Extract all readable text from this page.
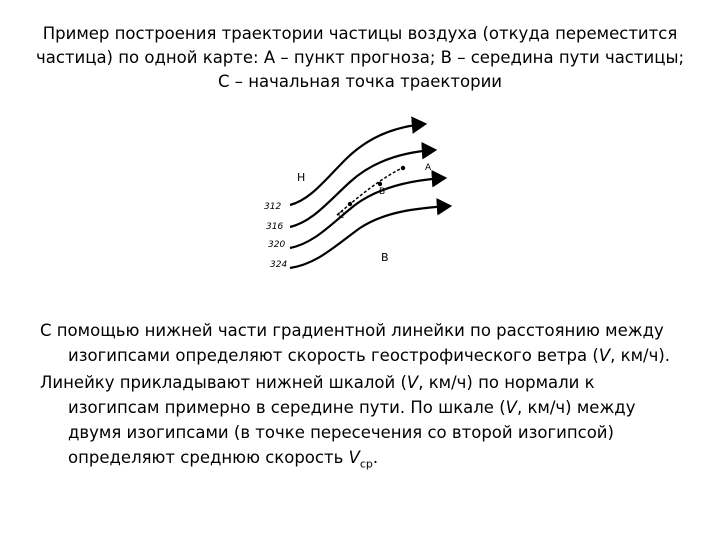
Пример построения траектории частицы воздуха (откуда переместится
частица) по одной карте: А – пункт прогноза; В – середина пути частицы;
С – начальная точка траектории
A
B
C
Н
В
312
316
320
324

С помощью нижней части градиентной линейки по расстоянию между
изогипсами определяют скорость геострофического ветра (V, км/ч).

Линейку прикладывают нижней шкалой (V, км/ч) по нормали к
изогипсам примерно в середине пути. По шкале (V, км/ч) между
двумя изогипсами (в точке пересечения со второй изогипсой)
определяют среднюю скорость $V_{ср}$.
